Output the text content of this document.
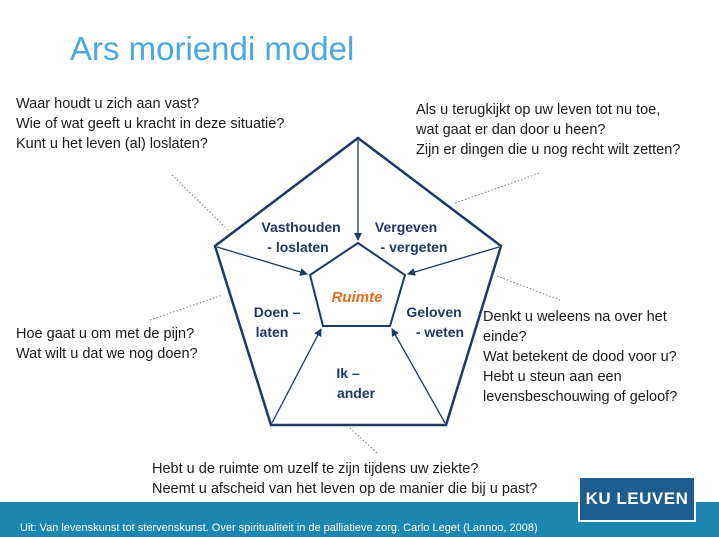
Ars moriendi model
Waar houdt u zich aan vast?
Wie of wat geeft u kracht in deze situatie?
Kunt u het leven (al) loslaten?
Als u terugkijkt op uw leven tot nu toe,
wat gaat er dan door u heen?
Zijn er dingen die u nog recht wilt zetten?
Hoe gaat u om met de pijn?
Wat wilt u dat we nog doen?
Denkt u weleens na over het
einde?
Wat betekent de dood voor u?
Hebt u steun aan een
levensbeschouwing of geloof?
Hebt u de ruimte om uzelf te zijn tijdens uw ziekte?
Neemt u afscheid van het leven op de manier die bij u past?
Vasthouden - loslaten
Vergeven - vergeten
Doen – laten
Geloven - weten
Ik – ander
Ruimte
Uit: Van levenskunst tot stervenskunst. Over spiritualiteit in de palliatieve zorg. Carlo Leget (Lannoo, 2008)
KU LEUVEN
